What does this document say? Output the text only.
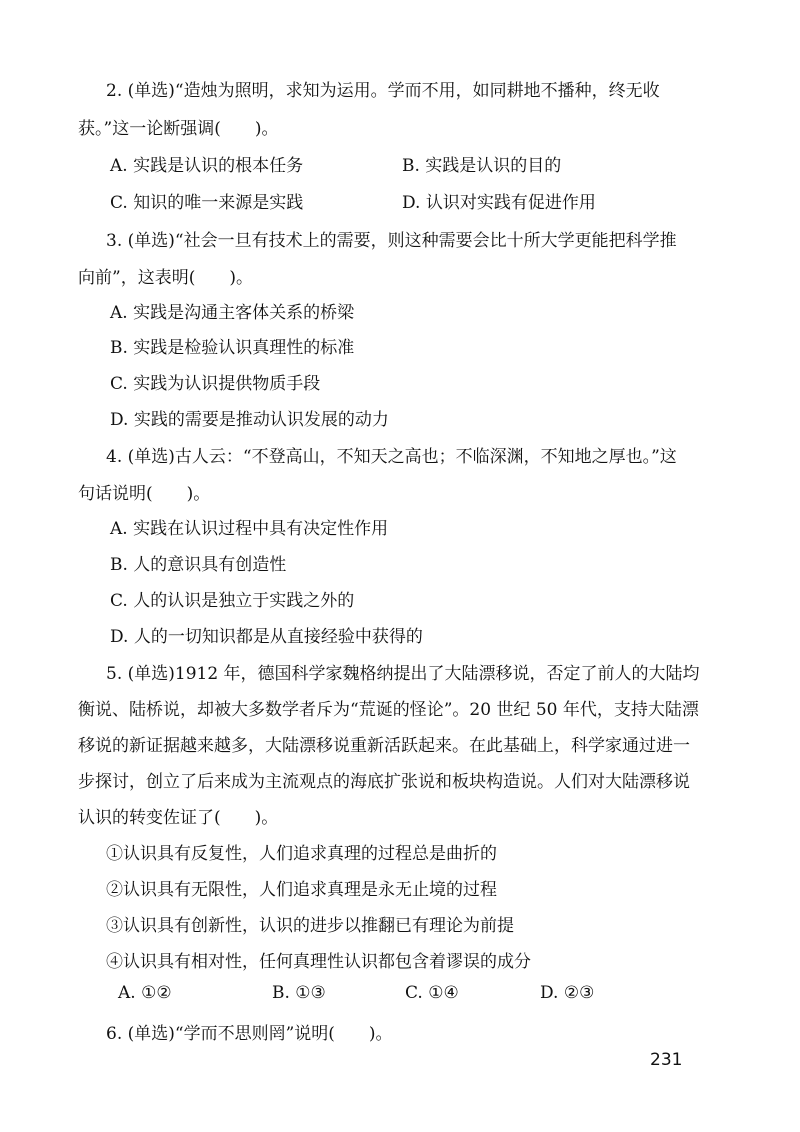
2. (单选)“造烛为照明，求知为运用。学而不用，如同耕地不播种，终无收
获。”这一论断强调(　　)。
A. 实践是认识的根本任务	B. 实践是认识的目的
C. 知识的唯一来源是实践	D. 认识对实践有促进作用
3. (单选)“社会一旦有技术上的需要，则这种需要会比十所大学更能把科学推
向前”，这表明(　　)。
A. 实践是沟通主客体关系的桥梁
B. 实践是检验认识真理性的标准
C. 实践为认识提供物质手段
D. 实践的需要是推动认识发展的动力
4. (单选)古人云：“不登高山，不知天之高也；不临深渊，不知地之厚也。”这
句话说明(　　)。
A. 实践在认识过程中具有决定性作用
B. 人的意识具有创造性
C. 人的认识是独立于实践之外的
D. 人的一切知识都是从直接经验中获得的
5. (单选)1912 年，德国科学家魏格纳提出了大陆漂移说，否定了前人的大陆均
衡说、陆桥说，却被大多数学者斥为“荒诞的怪论”。20 世纪 50 年代，支持大陆漂
移说的新证据越来越多，大陆漂移说重新活跃起来。在此基础上，科学家通过进一
步探讨，创立了后来成为主流观点的海底扩张说和板块构造说。人们对大陆漂移说
认识的转变佐证了(　　)。
①认识具有反复性，人们追求真理的过程总是曲折的
②认识具有无限性，人们追求真理是永无止境的过程
③认识具有创新性，认识的进步以推翻已有理论为前提
④认识具有相对性，任何真理性认识都包含着谬误的成分
A. ①②	B. ①③	C. ①④	D. ②③
6. (单选)“学而不思则罔”说明(　　)。
231
